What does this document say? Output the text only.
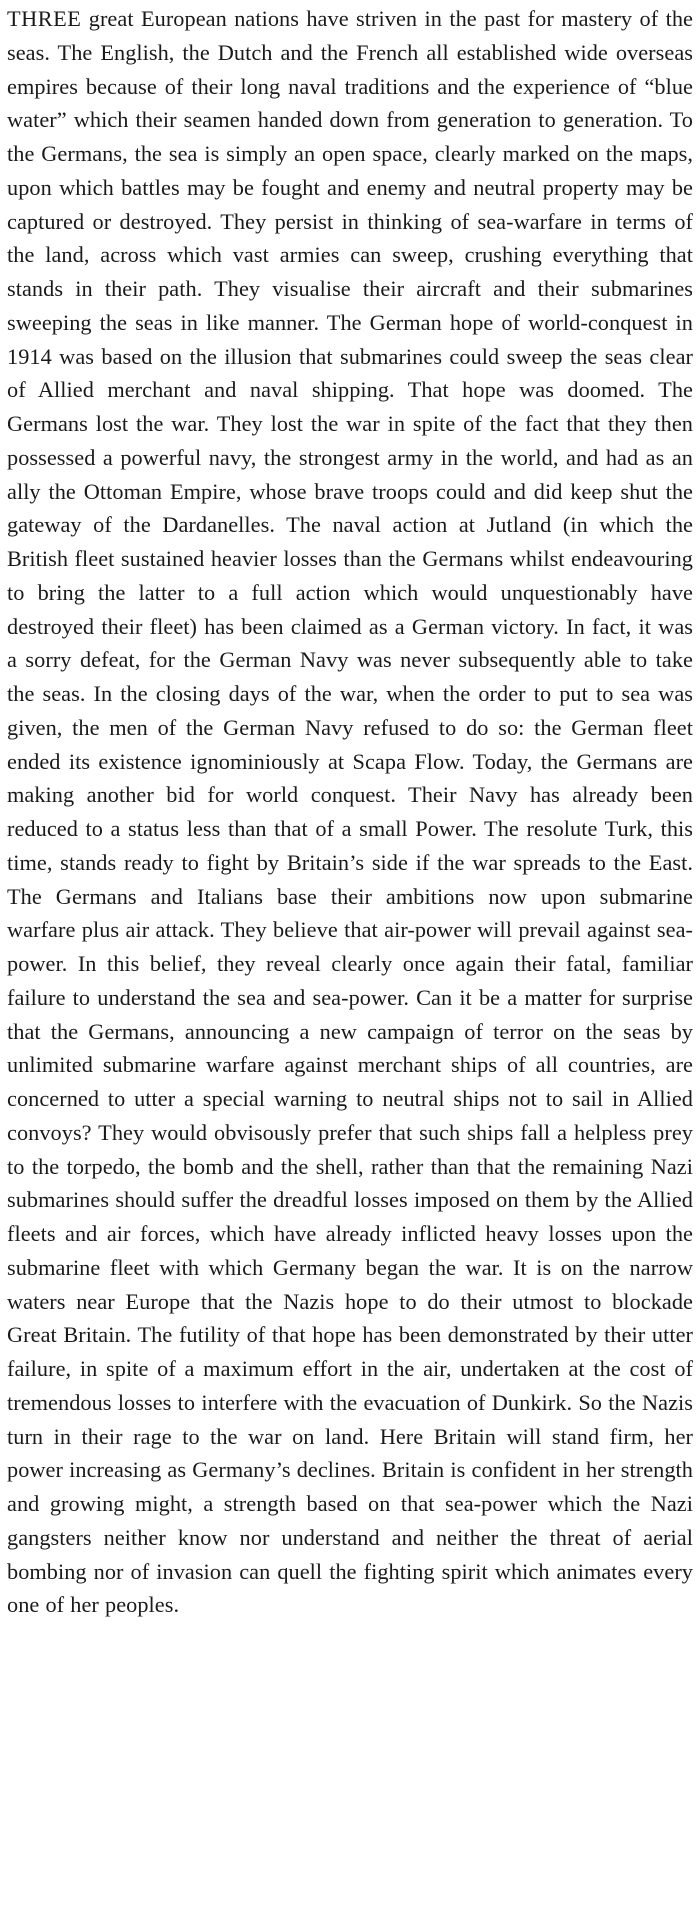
THREE great European nations have striven in the past for mastery of the seas. The English, the Dutch and the French all established wide overseas empires because of their long naval traditions and the experience of “blue water” which their seamen handed down from generation to generation. To the Germans, the sea is simply an open space, clearly marked on the maps, upon which battles may be fought and enemy and neutral property may be captured or destroyed. They persist in thinking of sea-warfare in terms of the land, across which vast armies can sweep, crushing everything that stands in their path. They visualise their aircraft and their submarines sweeping the seas in like manner. The German hope of world-conquest in 1914 was based on the illusion that submarines could sweep the seas clear of Allied merchant and naval shipping. That hope was doomed. The Germans lost the war. They lost the war in spite of the fact that they then possessed a powerful navy, the strongest army in the world, and had as an ally the Ottoman Empire, whose brave troops could and did keep shut the gateway of the Dardanelles. The naval action at Jutland (in which the British fleet sustained heavier losses than the Germans whilst endeavouring to bring the latter to a full action which would unquestionably have destroyed their fleet) has been claimed as a German victory. In fact, it was a sorry defeat, for the German Navy was never subsequently able to take the seas. In the closing days of the war, when the order to put to sea was given, the men of the German Navy refused to do so: the German fleet ended its existence ignominiously at Scapa Flow. Today, the Germans are making another bid for world conquest. Their Navy has already been reduced to a status less than that of a small Power. The resolute Turk, this time, stands ready to fight by Britain’s side if the war spreads to the East. The Germans and Italians base their ambitions now upon submarine warfare plus air attack. They believe that air-power will prevail against sea-power. In this belief, they reveal clearly once again their fatal, familiar failure to understand the sea and sea-power. Can it be a matter for surprise that the Germans, announcing a new campaign of terror on the seas by unlimited submarine warfare against merchant ships of all countries, are concerned to utter a special warning to neutral ships not to sail in Allied convoys? They would obvisously prefer that such ships fall a helpless prey to the torpedo, the bomb and the shell, rather than that the remaining Nazi submarines should suffer the dreadful losses imposed on them by the Allied fleets and air forces, which have already inflicted heavy losses upon the submarine fleet with which Germany began the war. It is on the narrow waters near Europe that the Nazis hope to do their utmost to blockade Great Britain. The futility of that hope has been demonstrated by their utter failure, in spite of a maximum effort in the air, undertaken at the cost of tremendous losses to interfere with the evacuation of Dunkirk. So the Nazis turn in their rage to the war on land. Here Britain will stand firm, her power increasing as Germany’s declines. Britain is confident in her strength and growing might, a strength based on that sea-power which the Nazi gangsters neither know nor understand and neither the threat of aerial bombing nor of invasion can quell the fighting spirit which animates every one of her peoples.
